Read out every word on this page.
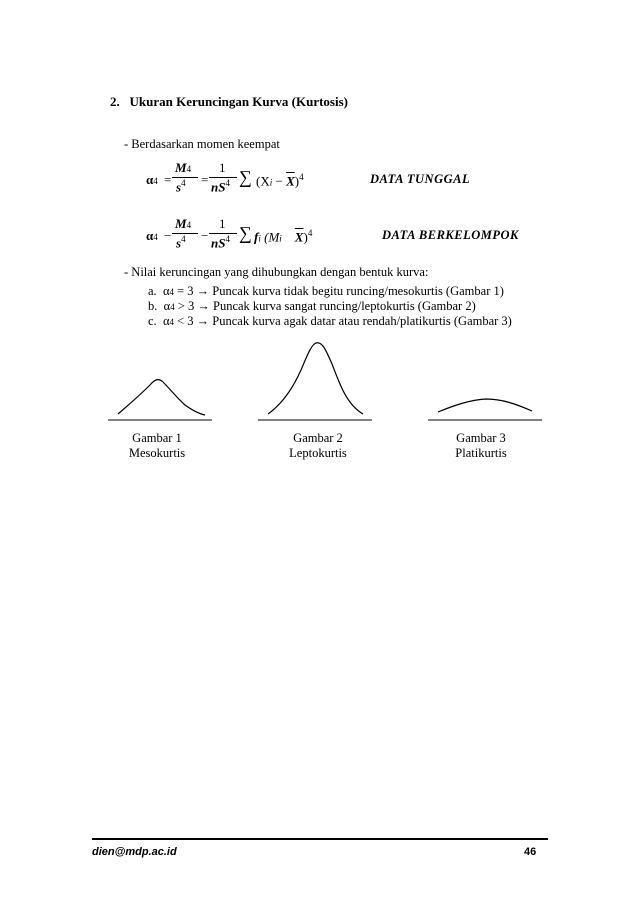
2. Ukuran Keruncingan Kurva (Kurtosis)
- Berdasarkan momen keempat
α4 =
M4
$s^4$ =
1
$nS^4$ ∑ $(Xi - \overline{X})^4$	DATA TUNGGAL
α4 −
M4
$s^4$ −
1
$nS^4$ ∑ fi (Mi $\overline{X})^4$	DATA BERKELOMPOK
- Nilai keruncingan yang dihubungkan dengan bentuk kurva:
a. α4 = 3 → Puncak kurva tidak begitu runcing/mesokurtis (Gambar 1)
b. α4 > 3 → Puncak kurva sangat runcing/leptokurtis (Gambar 2)
c. α4 < 3 → Puncak kurva agak datar atau rendah/platikurtis (Gambar 3)
Gambar 1
Mesokurtis
Gambar 2
Leptokurtis
Gambar 3
Platikurtis
dien@mdp.ac.id	46
